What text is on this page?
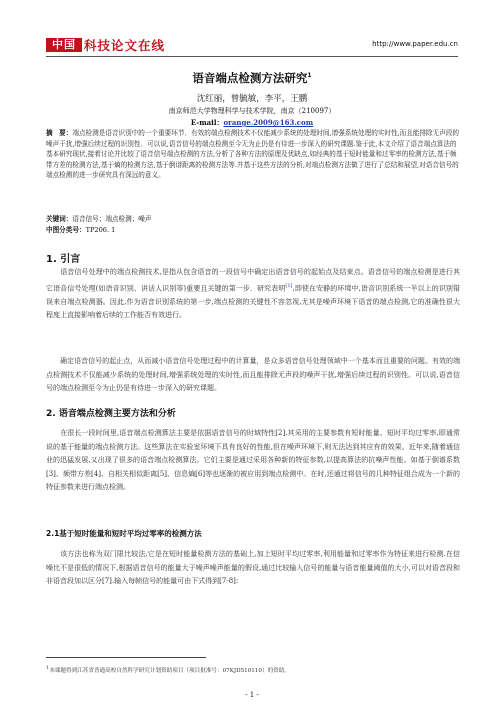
中国 科技论文在线	http://www.paper.edu.cn
语音端点检测方法研究$^1$
沈红丽，曾毓敏，李平，王鹏
南京师范大学物理科学与技术学院，南京（210097）
E-mail：orange.2009@163.com
摘　要：端点检测是语音识别中的一个重要环节．有效的端点检测技术不仅能减少系统的处理时间,增强系统处理的实时性,而且能排除无声段的噪声干扰,增强后续过程的识别性．可以说,语音信号的端点检测至今无为止仍是有待进一步深入的研究课题.鉴于此,本文介绍了语音端点算法的基本研究现状,接着讨论并比较了语音信号端点检测的方法,分析了各种方法的原理及优缺点,如经典的基于短时能量和过零率的检测方法,基于频带方差的检测方法,基于熵的检测方法,基于倒谱距离的检测方法等.并基于这些方法的分析,对端点检测方法做了进行了总结和展望,对语音信号的端点检测的进一步研究具有深远的意义。
关键词：语音信号；端点检测；噪声
中图分类号：TP206. 1
1. 引言
　　语音信号处理中的端点检测技术,是指从包含语音的一段信号中确定出语音信号的起始点及结束点。语音信号的端点检测是进行其它语音信号处理(如语音识别、讲话人识别等)重要且关键的第一步．研究表明[1],即使在安静的环境中,语音识别系统一半以上的识别错误来自端点检测器。因此,作为语音识别系统的第一步,端点检测的关键性不容忽视,尤其是噪声环境下语音的端点检测,它的准确性很大程度上直接影响着后续的工作能否有效进行。
　　确定语音信号的起止点，从而减小语音信号处理过程中的计算量，是众多语音信号处理领域中一个基本而且重要的问题。有效的端点检测技术不仅能减少系统的处理时间,增强系统处理的实时性,而且能排除无声段的噪声干扰,增强后续过程的识别性。可以说,语音信号的端点检测至今为止仍是有待进一步深入的研究课题。
2. 语音端点检测主要方法和分析
　　在很长一段时间里,语音端点检测算法主要是依据语音信号的时域特性[2].其采用的主要参数有短时能量、短时平均过零率,即通常说的基于能量的端点检测方法。这些算法在实验室环境下具有良好的性能,但在噪声环境下,则无法达到其应有的效果。近年来,随着通信业的迅猛发展,又出现了很多的语音端点检测算法。它们主要是通过采用各种新的特征参数,以提高算法的抗噪声性能。如基于倒谱系数[3]、频带方差[4]、自相关相似距离[5]、信息熵[6]等也逐渐的被应用到端点检测中。在时,还通过将信号的几种特征组合成为一个新的特征参数来进行端点检测。
2.1基于短时能量和短时平均过零率的检测方法
　　该方法也称为双门限比较法,它是在短时能量检测方法的基础上,加上短时平均过零率,利用能量和过零率作为特征来进行检测.在信噪比不是很低的情况下,根据语音信号的能量大于噪声噪声能量的假设,通过比较输入信号的能量与语音能量阈值的大小,可以对语音段和非语音段加以区分[7].输入每帧信号的能量可由下式得到[7-8]:
$^1$本课题得到江苏省普通高校自然科学研究计划资助项目（项目批准号：07KJD510110）的资助。
- 1 -
